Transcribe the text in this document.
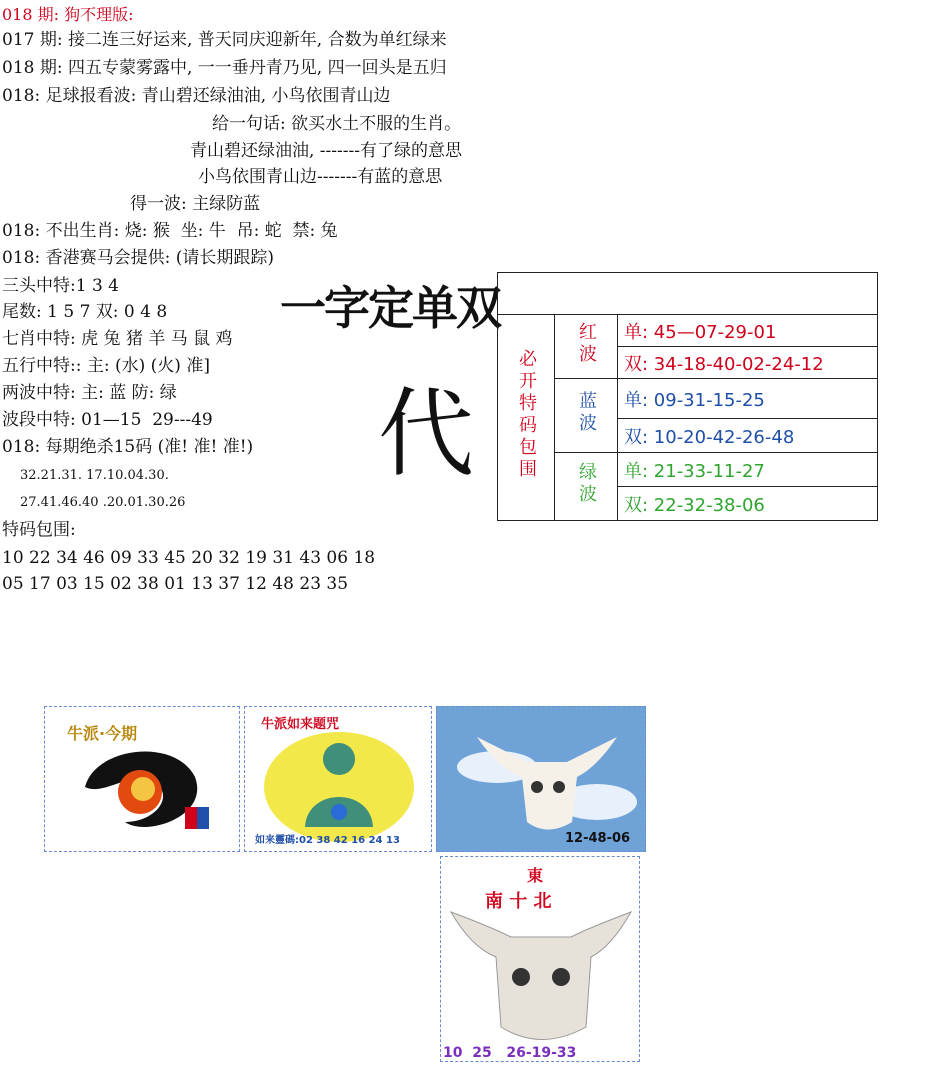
018 期: 狗不理版:
017 期: 接二连三好运来, 普天同庆迎新年, 合数为单红绿来
018 期: 四五专蒙雾露中, 一一垂丹青乃见, 四一回头是五归
018: 足球报看波: 青山碧还绿油油, 小鸟依围青山边
给一句话: 欲买水土不服的生肖。
青山碧还绿油油, -------有了绿的意思
小鸟依围青山边-------有蓝的意思
得一波: 主绿防蓝
018: 不出生肖: 烧: 猴  坐: 牛  吊: 蛇  禁: 兔
018: 香港赛马会提供: (请长期跟踪)
三头中特:1 3 4
尾数: 1 5 7 双: 0 4 8
七肖中特: 虎 兔 猪 羊 马 鼠 鸡
五行中特:: 主: (水) (火) 准]
两波中特: 主: 蓝 防: 绿
波段中特: 01—15  29---49
018: 每期绝杀15码 (准! 准! 准!)
32.21.31. 17.10.04.30.
27.41.46.40 .20.01.30.26
特码包围:
10 22 34 46 09 33 45 20 32 19 31 43 06 18
05 17 03 15 02 38 01 13 37 12 48 23 35
一字定单双
代 必开特码包围	红波	单: 45—07-29-01
		双: 34-18-40-02-24-12
	蓝波	单: 09-31-15-25
		双: 10-20-42-26-48
	绿波	单: 21-33-11-27
		双: 22-32-38-06
牛派·今期	牛派如来题咒
如来靈碼:02 38 42 16 24 13	12-48-06
東
南 十 北
10  25   26-19-33
